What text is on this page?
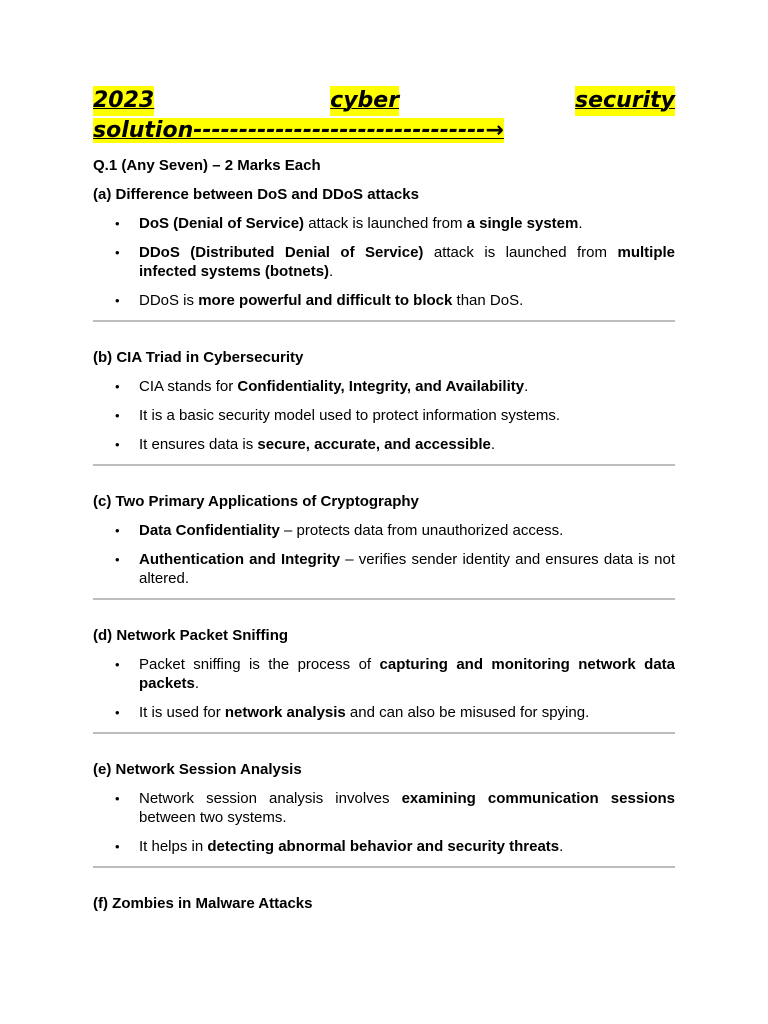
2023	cyber	security
solution--------------------------------→

Q.1 (Any Seven) – 2 Marks Each

(a) Difference between DoS and DDoS attacks

• DoS (Denial of Service) attack is launched from a single system.
• DDoS (Distributed Denial of Service) attack is launched from multiple infected systems (botnets).
• DDoS is more powerful and difficult to block than DoS.

(b) CIA Triad in Cybersecurity

• CIA stands for Confidentiality, Integrity, and Availability.
• It is a basic security model used to protect information systems.
• It ensures data is secure, accurate, and accessible.

(c) Two Primary Applications of Cryptography

• Data Confidentiality – protects data from unauthorized access.
• Authentication and Integrity – verifies sender identity and ensures data is not altered.

(d) Network Packet Sniffing

• Packet sniffing is the process of capturing and monitoring network data packets.
• It is used for network analysis and can also be misused for spying.

(e) Network Session Analysis

• Network session analysis involves examining communication sessions between two systems.
• It helps in detecting abnormal behavior and security threats.

(f) Zombies in Malware Attacks
